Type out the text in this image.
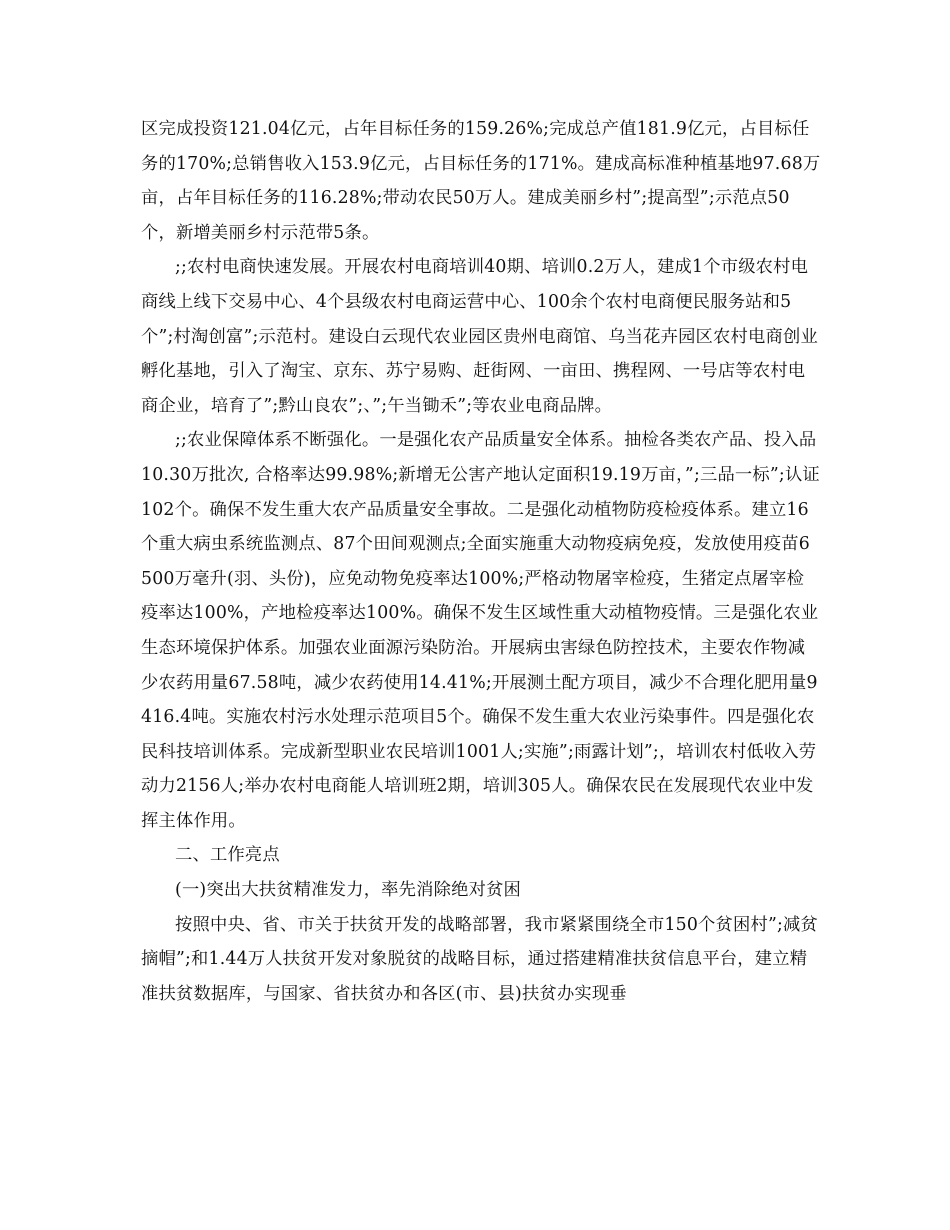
区完成投资121.04亿元，占年目标任务的159.26%;完成总产值181.9亿元，占目标任务的170%;总销售收入153.9亿元，占目标任务的171%。建成高标准种植基地97.68万亩，占年目标任务的116.28%;带动农民50万人。建成美丽乡村”;提高型”;示范点50个，新增美丽乡村示范带5条。

;;农村电商快速发展。开展农村电商培训40期、培训0.2万人，建成1个市级农村电商线上线下交易中心、4个县级农村电商运营中心、100余个农村电商便民服务站和5个”;村淘创富”;示范村。建设白云现代农业园区贵州电商馆、乌当花卉园区农村电商创业孵化基地，引入了淘宝、京东、苏宁易购、赶街网、一亩田、携程网、一号店等农村电商企业，培育了”;黔山良农”;、”;午当锄禾”;等农业电商品牌。

;;农业保障体系不断强化。一是强化农产品质量安全体系。抽检各类农产品、投入品10.30万批次, 合格率达99.98%;新增无公害产地认定面积19.19万亩，”;三品一标”;认证102个。确保不发生重大农产品质量安全事故。二是强化动植物防疫检疫体系。建立16个重大病虫系统监测点、87个田间观测点;全面实施重大动物疫病免疫，发放使用疫苗6500万毫升(羽、头份)，应免动物免疫率达100%;严格动物屠宰检疫，生猪定点屠宰检疫率达100%，产地检疫率达100%。确保不发生区域性重大动植物疫情。三是强化农业生态环境保护体系。加强农业面源污染防治。开展病虫害绿色防控技术，主要农作物减少农药用量67.58吨，减少农药使用14.41%;开展测土配方项目，减少不合理化肥用量9416.4吨。实施农村污水处理示范项目5个。确保不发生重大农业污染事件。四是强化农民科技培训体系。完成新型职业农民培训1001人;实施”;雨露计划”;，培训农村低收入劳动力2156人;举办农村电商能人培训班2期，培训305人。确保农民在发展现代农业中发挥主体作用。

二、工作亮点

(一)突出大扶贫精准发力，率先消除绝对贫困

按照中央、省、市关于扶贫开发的战略部署，我市紧紧围绕全市150个贫困村”;减贫摘帽”;和1.44万人扶贫开发对象脱贫的战略目标，通过搭建精准扶贫信息平台，建立精准扶贫数据库，与国家、省扶贫办和各区(市、县)扶贫办实现垂
